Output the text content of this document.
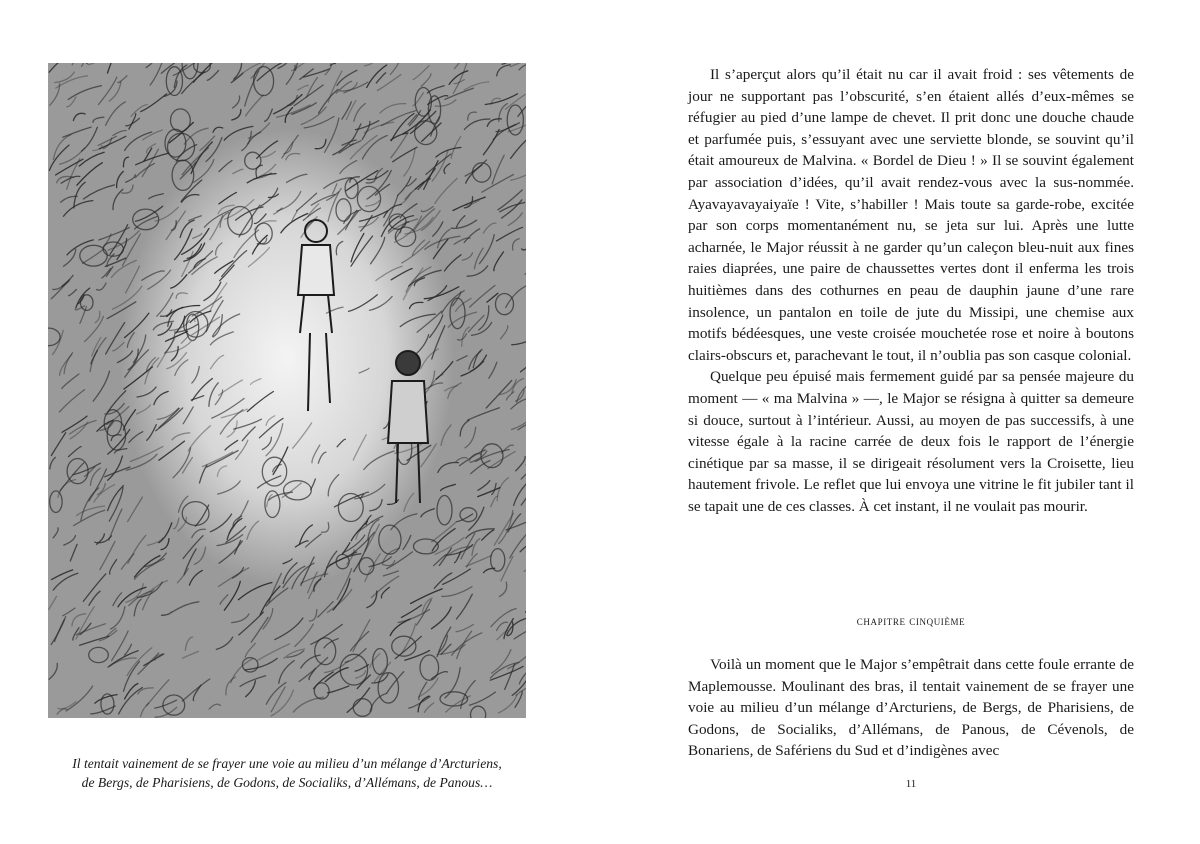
Il tentait vainement de se frayer une voie au milieu d’un mélange d’Arcturiens,

de Bergs, de Pharisiens, de Godons, de Socialiks, d’Allémans, de Panous…

Il s’aperçut alors qu’il était nu car il avait froid : ses vêtements de jour ne supportant pas l’obscurité, s’en étaient allés d’eux-mêmes se réfugier au pied d’une lampe de chevet. Il prit donc une douche chaude et parfumée puis, s’essuyant avec une serviette blonde, se souvint qu’il était amoureux de Malvina. « Bordel de Dieu ! » Il se souvint également par association d’idées, qu’il avait rendez-vous avec la sus-nommée. Ayavayavayaiyaïe ! Vite, s’habiller ! Mais toute sa garde-robe, excitée par son corps momentanément nu, se jeta sur lui. Après une lutte acharnée, le Major réussit à ne garder qu’un caleçon bleu-nuit aux fines raies diaprées, une paire de chaussettes vertes dont il enferma les trois huitièmes dans des cothurnes en peau de dauphin jaune d’une rare insolence, un pantalon en toile de jute du Missipi, une chemise aux motifs bédéesques, une veste croisée mouchetée rose et noire à boutons clairs-obscurs et, parachevant le tout, il n’oublia pas son casque colonial.

Quelque peu épuisé mais fermement guidé par sa pensée majeure du moment — « ma Malvina » —, le Major se résigna à quitter sa demeure si douce, surtout à l’intérieur. Aussi, au moyen de pas successifs, à une vitesse égale à la racine carrée de deux fois le rapport de l’énergie cinétique par sa masse, il se dirigeait résolument vers la Croisette, lieu hautement frivole. Le reflet que lui envoya une vitrine le fit jubiler tant il se tapait une de ces classes. À cet instant, il ne voulait pas mourir.

chapitre cinquième

Voilà un moment que le Major s’empêtrait dans cette foule errante de Maplemousse. Moulinant des bras, il tentait vainement de se frayer une voie au milieu d’un mélange d’Arcturiens, de Bergs, de Pharisiens, de Godons, de Socialiks, d’Allémans, de Panous, de Cévenols, de Bonariens, de Safériens du Sud et d’indigènes avec

11
